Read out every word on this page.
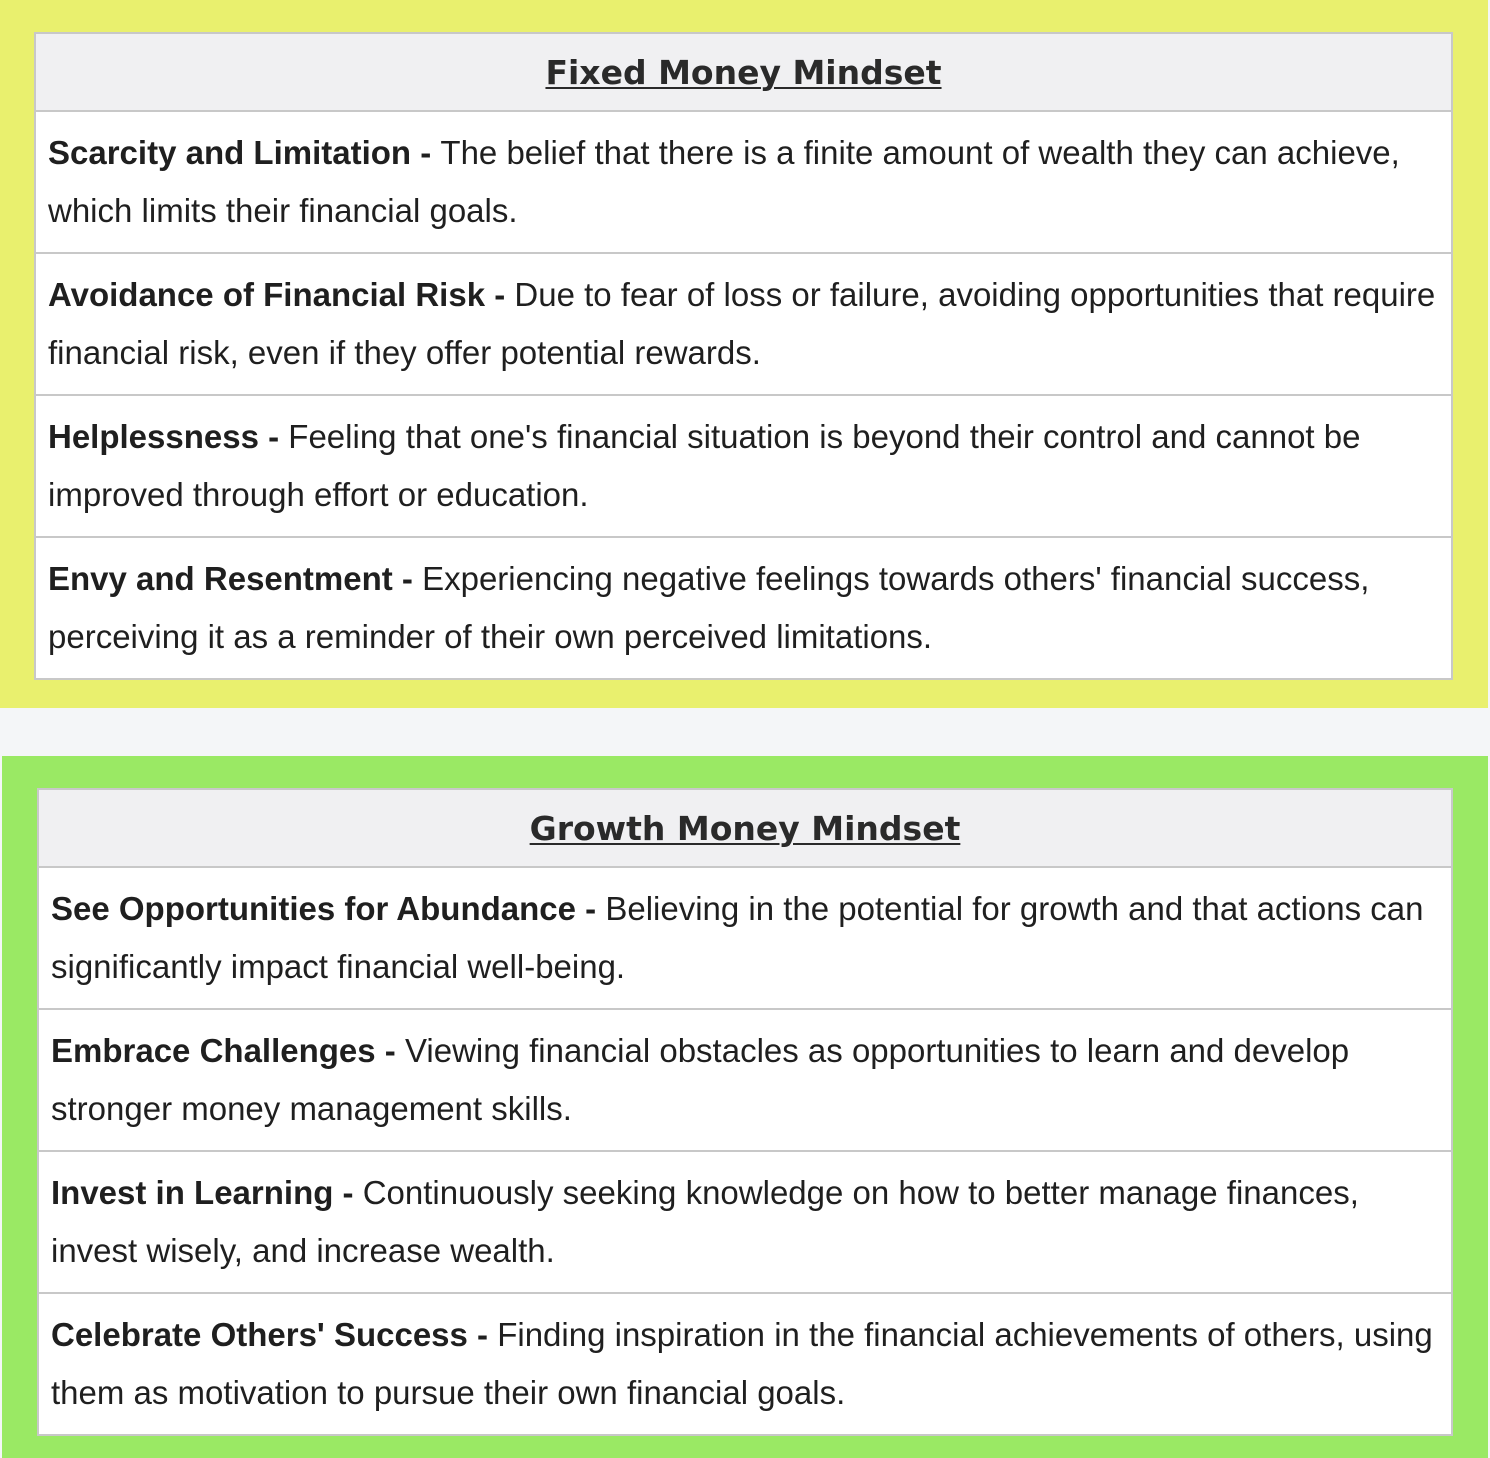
Fixed Money Mindset
Scarcity and Limitation - The belief that there is a finite amount of wealth they can achieve, which limits their financial goals.
Avoidance of Financial Risk - Due to fear of loss or failure, avoiding opportunities that require financial risk, even if they offer potential rewards.
Helplessness - Feeling that one's financial situation is beyond their control and cannot be improved through effort or education.
Envy and Resentment - Experiencing negative feelings towards others' financial success, perceiving it as a reminder of their own perceived limitations.
Growth Money Mindset
See Opportunities for Abundance - Believing in the potential for growth and that actions can significantly impact financial well-being.
Embrace Challenges - Viewing financial obstacles as opportunities to learn and develop stronger money management skills.
Invest in Learning - Continuously seeking knowledge on how to better manage finances, invest wisely, and increase wealth.
Celebrate Others' Success - Finding inspiration in the financial achievements of others, using them as motivation to pursue their own financial goals.
